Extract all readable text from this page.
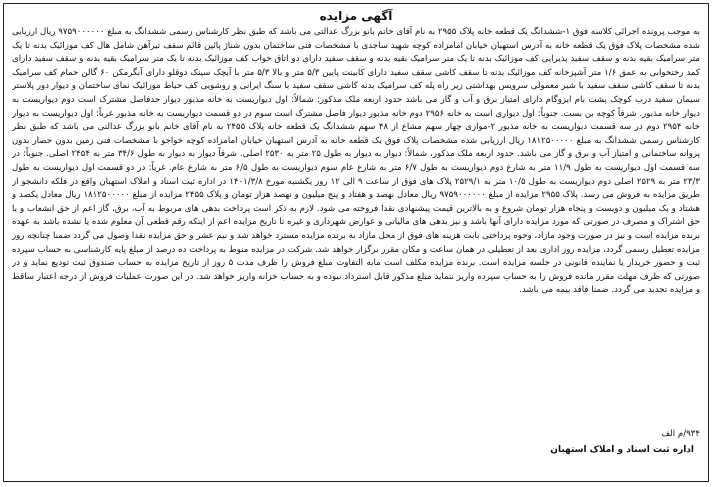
آگهی مزایده
به موجب پرونده اجرائی کلاسه فوق ۱-ششدانگ یک قطعه خانه پلاک ۲۹۵۵ به نام آقای خانم بانو بزرگ عدالتی می باشد که طبق نظر کارشناس رسمی ششدانگ به مبلغ ۹۷۵۹۰۰۰۰۰۰ ریال ارزیابی شده مشخصات پلاک فوق یک قطعه خانه به آدرس استهبان خیابان امامزاده کوچه شهید ساجدی با مشخصات فنی ساختمان بدون شناژ پائین قائم سقف تیرآهن شامل هال کف موزائیک بدنه تا یک متر سرامیک بقیه بدنه و سقف سفید پذیرایی کف موزائیک بدنه تا یک متر سرامیک بقیه بدنه و سقف سفید دارای دو اتاق خواب کف موزائیک بدنه تا یک متر سرامیک بقیه بدنه و سقف سفید دارای کمد رختخوابی به عمق ۱/۶ متر آشپزخانه کف موزائیک بدنه تا سقف کاشی سقف سفید دارای کابینت پایین ۵/۳ متر و بالا ۵/۳ متر با آبچک سینک دوقلو دارای آبگرمکن ۶۰ گالن حمام کف سرامیک بدنه تا سقف کاشی سقف سفید با شیر معمولی سرویس بهداشتی زیر راه پله کف سرامیک بدنه کاشی سقف سفید با سنگ ایرانی و روشویی کف حیاط موزائیک نمای ساختمان و دیوار دور پلاستر سیمان سفید درب کوچک پشت بام ایزوگام دارای امتیاز برق و آب و گاز می باشد حدود اربعه ملک مذکور: شمالاً: اول دیواریست به خانه مذبور دیوار حدفاصل مشترک است دوم دیواریست به دیوار خانه مذبور. شرقاً کوچه بن بست. جنوباً: اول دیواری است به خانه ۲۹۵۶ دوم خانه مذبور دیوار فاصل مشترک است سوم در دو قسمت دیواریست به خانه مذبور غرباً: اول دیواریست به دیوار خانه ۲۹۵۴ دوم در سه قسمت دیواریست به خانه مذبور ۲-موازی چهار سهم مشاع از ۴۸ سهم ششدانگ یک قطعه خانه پلاک ۲۴۵۵ به نام آقای خانم بانو بزرگ عدالتی می باشد که طبق نظر کارشناس رسمی ششدانگ به مبلغ ۱۸۱۲۵۰۰۰۰۰ ریال ارزیابی شده مشخصات پلاک فوق یک قطعه خانه به آدرس استهبان خیابان امامزاده کوچه خواجو با مشخصات فنی زمین بدون حصار بدون پروانه ساختمانی و امتیاز آب و برق و گاز می باشد. حدود اربعه ملک مذکور، شمالاً: دیوار به دیوار به طول ۲۵ متر به ۲۵۳۰ اصلی. شرقاً دیوار به دیوار به طول ۳۴/۶ متر به ۲۴۵۴ اصلی. جنوباً: در سه قسمت اول دیواریست به طول ۱۱/۹ متر به شارع دوم دیواریست به طول ۶/۷ متر به شارع عام سوم دیواریست به طول ۶/۵ متر به شارع عام. غرباً: در دو قسمت اول دیواریست به طول ۲۳/۳ متر به ۲۵۲۹ اصلی دوم دیواریست به طول ۱۰/۵ متر به ۲۵۲۹/۱ پلاک های فوق از ساعت ۹ الی ۱۲ روز یکشنبه مورخ ۱۴۰۱/۳/۸ در اداره ثبت اسناد و املاک استهبان واقع در فلکه دانشجو از طریق مزایده به فروش می رسد. پلاک ۲۹۵۵ مزایده از مبلغ ۹۷۵۹۰۰۰۰۰۰ ریال معادل نهصد و هفتاد و پنج میلیون و نهصد هزار تومان و پلاک ۲۴۵۵ مزایده از مبلغ ۱۸۱۲۵۰۰۰۰۰ ریال معادل یکصد و هشتاد و یک میلیون و دویست و پنجاه هزار تومان شروع و به بالاترین قیمت پیشنهادی نقدا فروخته می شود. لازم به ذکر است پرداخت بدهی های مربوط به آب، برق، گاز اعم از حق انشعاب و یا حق اشتراک و مصرف در صورتی که مورد مزایده دارای آنها باشد و نیز بدهی های مالیاتی و عوارض شهرداری و غیره تا تاریخ مزایده اعم از اینکه رقم قطعی آن معلوم شده یا نشده باشد به عهده برنده مزایده است و نیز در صورت وجود مازاد، وجوه پرداختی بابت هزینه های فوق از محل مازاد به برنده مزایده مسترد خواهد شد و نیم عشر و حق مزایده نقدا وصول می گردد ضمنا چنانچه روز مزایده تعطیل رسمی گردد، مزایده روز اداری بعد از تعطیلی در همان ساعت و مکان مقرر برگزار خواهد شد. شرکت در مزایده منوط به پرداخت ده درصد از مبلغ پایه کارشناسی به حساب سپرده ثبت و حضور خریدار یا نماینده قانونی در جلسه مزایده است. برنده مزایده مکلف است مابه التفاوت مبلغ فروش را ظرف مدت ۵ روز از تاریخ مزایده به حساب صندوق ثبت تودیع نماید و در صورتی که ظرف مهلت مقرر مانده فروش را به حساب سپرده واریز ننماید مبلغ مذکور قابل استرداد نبوده و به حساب خزانه واریز خواهد شد. در این صورت عملیات فروش از درجه اعتبار ساقط و مزایده تجدید می گردد. ضمنا فاقد بیمه می باشد.
۹۳۴/م الف
اداره ثبت اسناد و املاک استهبان
